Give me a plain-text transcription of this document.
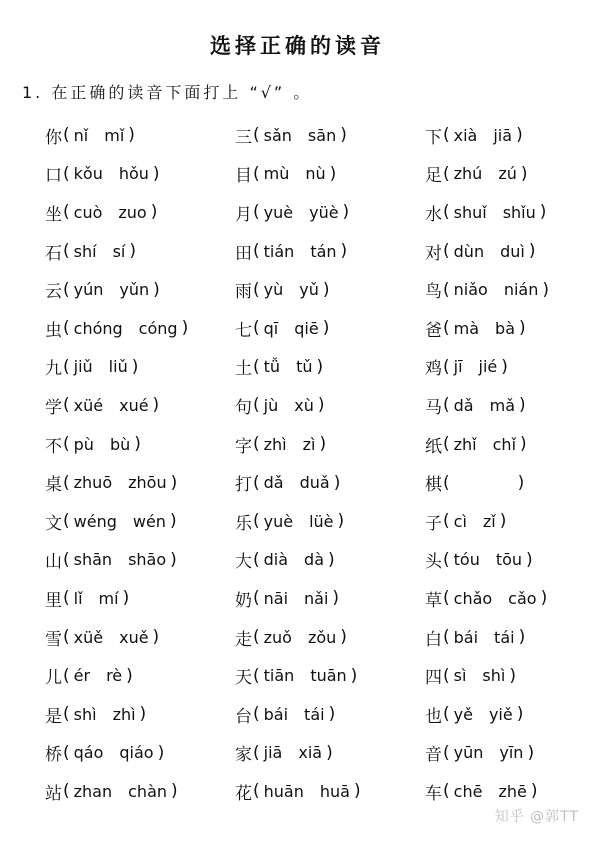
选择正确的读音
1. 在正确的读音下面打上 “√” 。
你 ( nǐ mǐ )	三 ( sǎn sān )	下 ( xià jiā )
口 ( kǒu hǒu )	目 ( mù nù )	足 ( zhú zú )
坐 ( cuò zuo )	月 ( yuè yüè )	水 ( shuǐ shǐu )
石 ( shí sí )	田 ( tián tán )	对 ( dùn duì )
云 ( yún yǔn )	雨 ( yù yǔ )	鸟 ( niǎo nián )
虫 ( chóng cóng )	七 ( qī qiē )	爸 ( mà bà )
九 ( jiǔ liǔ )	土 ( tǚ tǔ )	鸡 ( jī jié )
学 ( xüé xué )	句 ( jù xù )	马 ( dǎ mǎ )
不 ( pù bù )	字 ( zhì zì )	纸 ( zhǐ chǐ )
桌 ( zhuō zhōu )	打 ( dǎ duǎ )	棋 (	)
文 ( wéng wén )	乐 ( yuè lüè )	子 ( cì zǐ )
山 ( shān shāo )	大 ( dià dà )	头 ( tóu tōu )
里 ( lǐ mí )	奶 ( nāi nǎi )	草 ( chǎo cǎo )
雪 ( xüě xuě )	走 ( zuǒ zǒu )	白 ( bái tái )
儿 ( ér rè )	天 ( tiān tuān )	四 ( sì shì )
是 ( shì zhì )	台 ( bái tái )	也 ( yě yiě )
桥 ( qáo qiáo )	家 ( jiā xiā )	音 ( yūn yīn )
站 ( zhan chàn )	花 ( huān huā )	车 ( chē zhē )
知乎 @郭TT
